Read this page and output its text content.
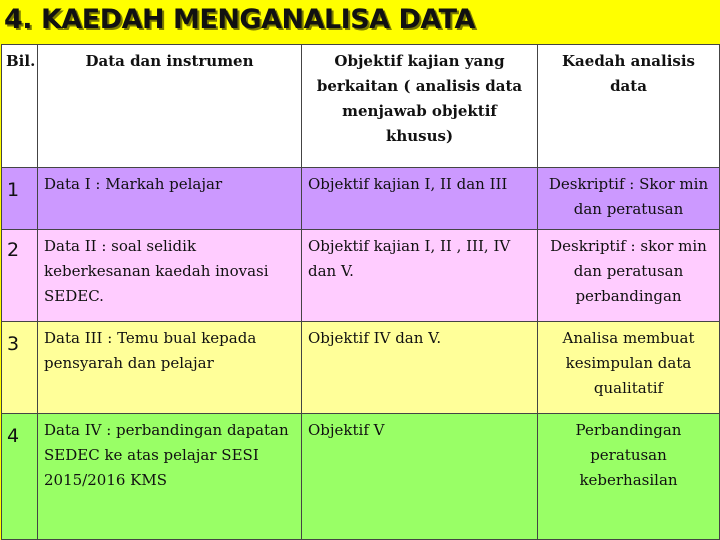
4. KAEDAH MENGANALISA DATA
Bil.	Data dan instrumen	Objektif kajian yang berkaitan ( analisis data menjawab objektif khusus)	Kaedah analisis data
1	Data I : Markah pelajar	Objektif kajian I, II dan III	Deskriptif : Skor min dan peratusan
2	Data II : soal selidik keberkesanan kaedah inovasi SEDEC.	Objektif kajian I, II , III, IV dan V.	Deskriptif : skor min dan peratusan perbandingan
3	Data III : Temu bual kepada pensyarah dan pelajar	Objektif IV dan V.	Analisa membuat kesimpulan data qualitatif
4	Data IV : perbandingan dapatan SEDEC ke atas pelajar SESI 2015/2016 KMS	Objektif V	Perbandingan peratusan keberhasilan
